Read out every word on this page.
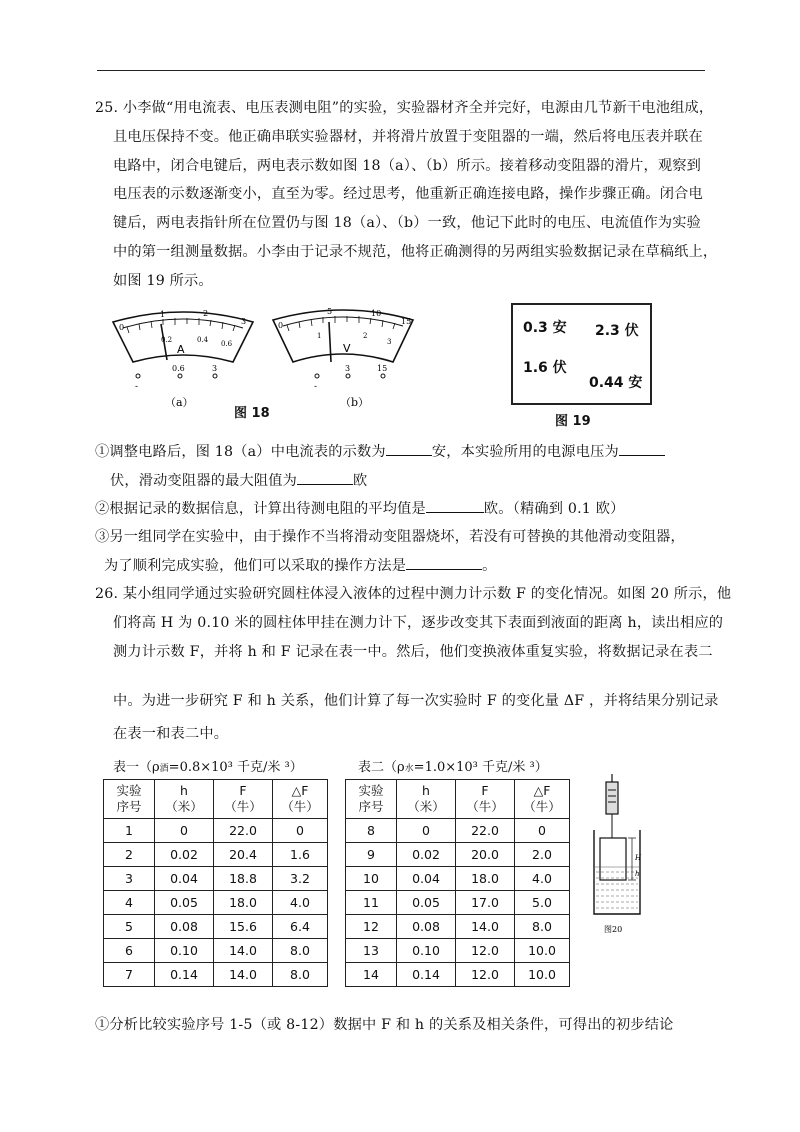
25. 小李做“用电流表、电压表测电阻”的实验，实验器材齐全并完好，电源由几节新干电池组成，
且电压保持不变。他正确串联实验器材，并将滑片放置于变阻器的一端，然后将电压表并联在
电路中，闭合电键后，两电表示数如图 18（a）、（b）所示。接着移动变阻器的滑片，观察到
电压表的示数逐渐变小，直至为零。经过思考，他重新正确连接电路，操作步骤正确。闭合电
键后，两电表指针所在位置仍与图 18（a）、（b）一致，他记下此时的电压、电流值作为实验
中的第一组测量数据。小李由于记录不规范，他将正确测得的另两组实验数据记录在草稿纸上，
如图 19 所示。
0
1	2
3
0.2	0.4 0.6
A
-
0.6	3
（a）
0
5	10
15
1	2
3
V
-
3	15
（b）
图 18
0.3 安 2.3 伏
1.6 伏
0.44 安
图 19
①调整电路后，图 18（a）中电流表的示数为	安，本实验所用的电源电压为
伏，滑动变阻器的最大阻值为	欧
②根据记录的数据信息，计算出待测电阻的平均值是	欧。（精确到 0.1 欧）
③另一组同学在实验中，由于操作不当将滑动变阻器烧坏，若没有可替换的其他滑动变阻器，
为了顺利完成实验，他们可以采取的操作方法是	。
26. 某小组同学通过实验研究圆柱体浸入液体的过程中测力计示数 F 的变化情况。如图 20 所示，他
们将高 H 为 0.10 米的圆柱体甲挂在测力计下，逐步改变其下表面到液面的距离 h，读出相应的
测力计示数 F，并将 h 和 F 记录在表一中。然后，他们变换液体重复实验，将数据记录在表二
中。为进一步研究 F 和 h 关系，他们计算了每一次实验时 F 的变化量 ΔF ，并将结果分别记录
在表一和表二中。
表一（ρ酒=0.8×10³ 千克/米 ³）	表二（ρ水=1.0×10³ 千克/米 ³）
实验
序号	h
（米）	F
（牛）	△F
（牛）
1	0	22.0	0
2	0.02	20.4	1.6
3	0.04	18.8	3.2
4	0.05	18.0	4.0
5	0.08	15.6	6.4
6	0.10	14.0	8.0
7	0.14	14.0	8.0
实验
序号	h
（米）	F
（牛）	△F
（牛）
8	0	22.0	0
9	0.02	20.0	2.0
10	0.04	18.0	4.0
11	0.05	17.0	5.0
12	0.08	14.0	8.0
13	0.10	12.0	10.0
14	0.14	12.0	10.0
H
h
图20
①分析比较实验序号 1-5（或 8-12）数据中 F 和 h 的关系及相关条件，可得出的初步结论
